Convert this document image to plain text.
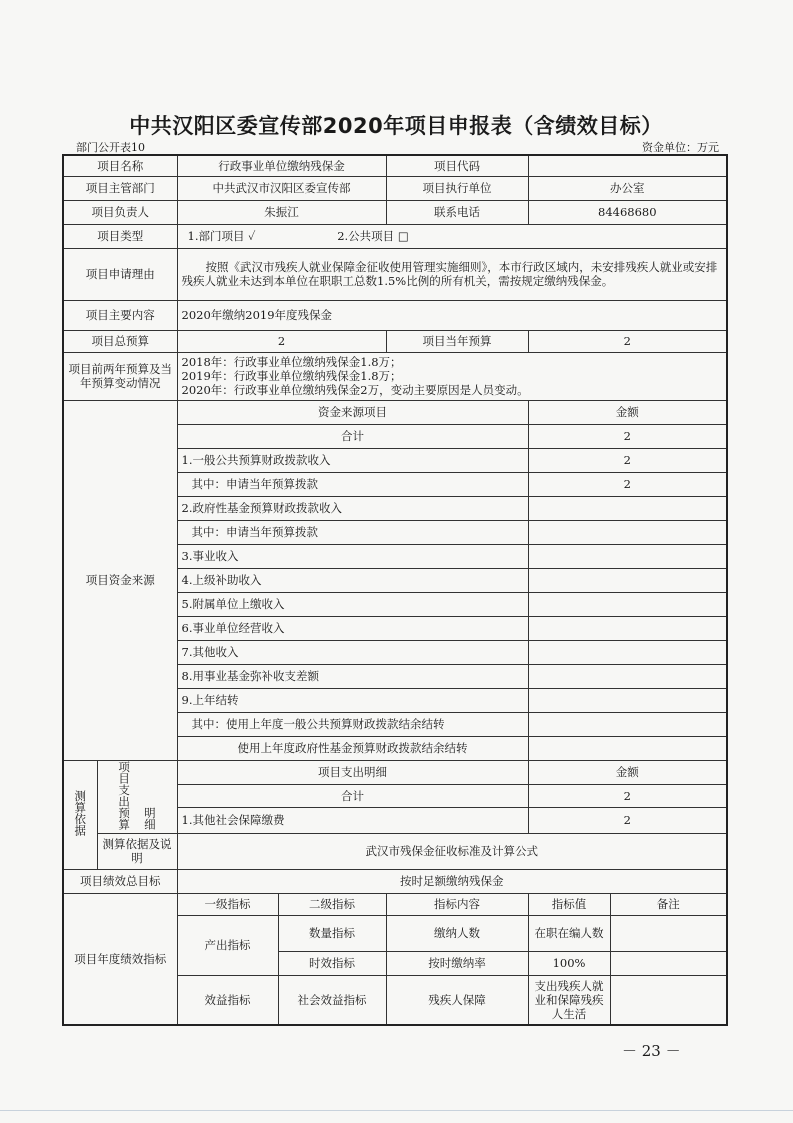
中共汉阳区委宣传部2020年项目申报表（含绩效目标）
部门公开表10	资金单位：万元
项目名称		行政事业单位缴纳残保金		项目代码		
项目主管部门		中共武汉市汉阳区委宣传部		项目执行单位	办公室	
项目负责人		朱振江		联系电话	84468680	
项目类型		1.部门项目 ✓ 2.公共项目 □				
项目申请理由		按照《武汉市残疾人就业保障金征收使用管理实施细则》，本市行政区域内，未安排残疾人就业或安排残疾人就业未达到本单位在职职工总数1.5%比例的所有机关，需按规定缴纳残保金。				
项目主要内容		2020年缴纳2019年度残保金				
项目总预算		2		项目当年预算	2	
项目前两年预算及当年预算变动情况		2018年：行政事业单位缴纳残保金1.8万；
2019年：行政事业单位缴纳残保金1.8万；
2020年：行政事业单位缴纳残保金2万，变动主要原因是人员变动。				

项目资金来源		资金来源项目			金额	
		合计			2	
		1.一般公共预算财政拨款收入			2	
		其中：申请当年预算拨款			2	
		2.政府性基金预算财政拨款收入				
		其中：申请当年预算拨款				
		3.事业收入				
		4.上级补助收入				
		5.附属单位上缴收入				
		6.事业单位经营收入				
		7.其他收入				
		8.用事业基金弥补收支差额				
		9.上年结转				
		其中：使用上年度一般公共预算财政拨款结余结转				
		使用上年度政府性基金预算财政拨款结余结转				
测算依据	项目支出预算 明细	项目支出明细			金额	
		合计			2	
		1.其他社会保障缴费			2	
	测算依据及说明	武汉市残保金征收标准及计算公式				
项目绩效总目标		按时足额缴纳残保金				
项目年度绩效指标		一级指标	二级指标	指标内容	指标值	备注
		产出指标	数量指标	缴纳人数	在职在编人数	
			时效指标	按时缴纳率	100%	
		效益指标	社会效益指标	残疾人保障	支出残疾人就业和保障残疾人生活	
－ 23 －
